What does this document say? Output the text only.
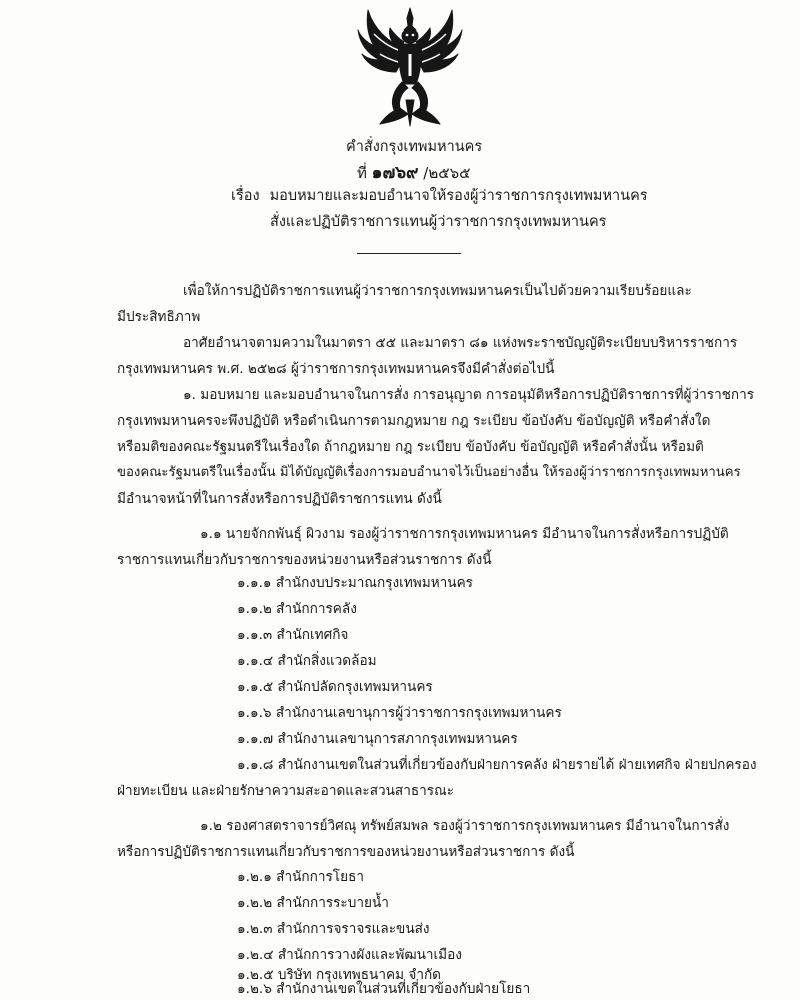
คำสั่งกรุงเทพมหานคร
ที่ ๑๗๖๙ /๒๕๖๕
เรื่อง มอบหมายและมอบอำนาจให้รองผู้ว่าราชการกรุงเทพมหานคร
สั่งและปฏิบัติราชการแทนผู้ว่าราชการกรุงเทพมหานคร
เพื่อให้การปฏิบัติราชการแทนผู้ว่าราชการกรุงเทพมหานครเป็นไปด้วยความเรียบร้อยและ
มีประสิทธิภาพ
อาศัยอำนาจตามความในมาตรา ๕๕ และมาตรา ๘๑ แห่งพระราชบัญญัติระเบียบบริหารราชการ
กรุงเทพมหานคร พ.ศ. ๒๕๒๘ ผู้ว่าราชการกรุงเทพมหานครจึงมีคำสั่งต่อไปนี้
๑. มอบหมาย และมอบอำนาจในการสั่ง การอนุญาต การอนุมัติหรือการปฏิบัติราชการที่ผู้ว่าราชการ
กรุงเทพมหานครจะพึงปฏิบัติ หรือดำเนินการตามกฎหมาย กฎ ระเบียบ ข้อบังคับ ข้อบัญญัติ หรือคำสั่งใด
หรือมติของคณะรัฐมนตรีในเรื่องใด ถ้ากฎหมาย กฎ ระเบียบ ข้อบังคับ ข้อบัญญัติ หรือคำสั่งนั้น หรือมติ
ของคณะรัฐมนตรีในเรื่องนั้น มิได้บัญญัติเรื่องการมอบอำนาจไว้เป็นอย่างอื่น ให้รองผู้ว่าราชการกรุงเทพมหานคร
มีอำนาจหน้าที่ในการสั่งหรือการปฏิบัติราชการแทน ดังนี้
๑.๑ นายจักกพันธุ์ ผิวงาม รองผู้ว่าราชการกรุงเทพมหานคร มีอำนาจในการสั่งหรือการปฏิบัติ
ราชการแทนเกี่ยวกับราชการของหน่วยงานหรือส่วนราชการ ดังนี้
๑.๑.๑ สำนักงบประมาณกรุงเทพมหานคร
๑.๑.๒ สำนักการคลัง
๑.๑.๓ สำนักเทศกิจ
๑.๑.๔ สำนักสิ่งแวดล้อม
๑.๑.๕ สำนักปลัดกรุงเทพมหานคร
๑.๑.๖ สำนักงานเลขานุการผู้ว่าราชการกรุงเทพมหานคร
๑.๑.๗ สำนักงานเลขานุการสภากรุงเทพมหานคร
๑.๑.๘ สำนักงานเขตในส่วนที่เกี่ยวข้องกับฝ่ายการคลัง ฝ่ายรายได้ ฝ่ายเทศกิจ ฝ่ายปกครอง
ฝ่ายทะเบียน และฝ่ายรักษาความสะอาดและสวนสาธารณะ
๑.๒ รองศาสตราจารย์วิศณุ ทรัพย์สมพล รองผู้ว่าราชการกรุงเทพมหานคร มีอำนาจในการสั่ง
หรือการปฏิบัติราชการแทนเกี่ยวกับราชการของหน่วยงานหรือส่วนราชการ ดังนี้
๑.๒.๑ สำนักการโยธา
๑.๒.๒ สำนักการระบายน้ำ
๑.๒.๓ สำนักการจราจรและขนส่ง
๑.๒.๔ สำนักการวางผังและพัฒนาเมือง
๑.๒.๕ บริษัท กรุงเทพธนาคม จำกัด
๑.๒.๖ สำนักงานเขตในส่วนที่เกี่ยวข้องกับฝ่ายโยธา
